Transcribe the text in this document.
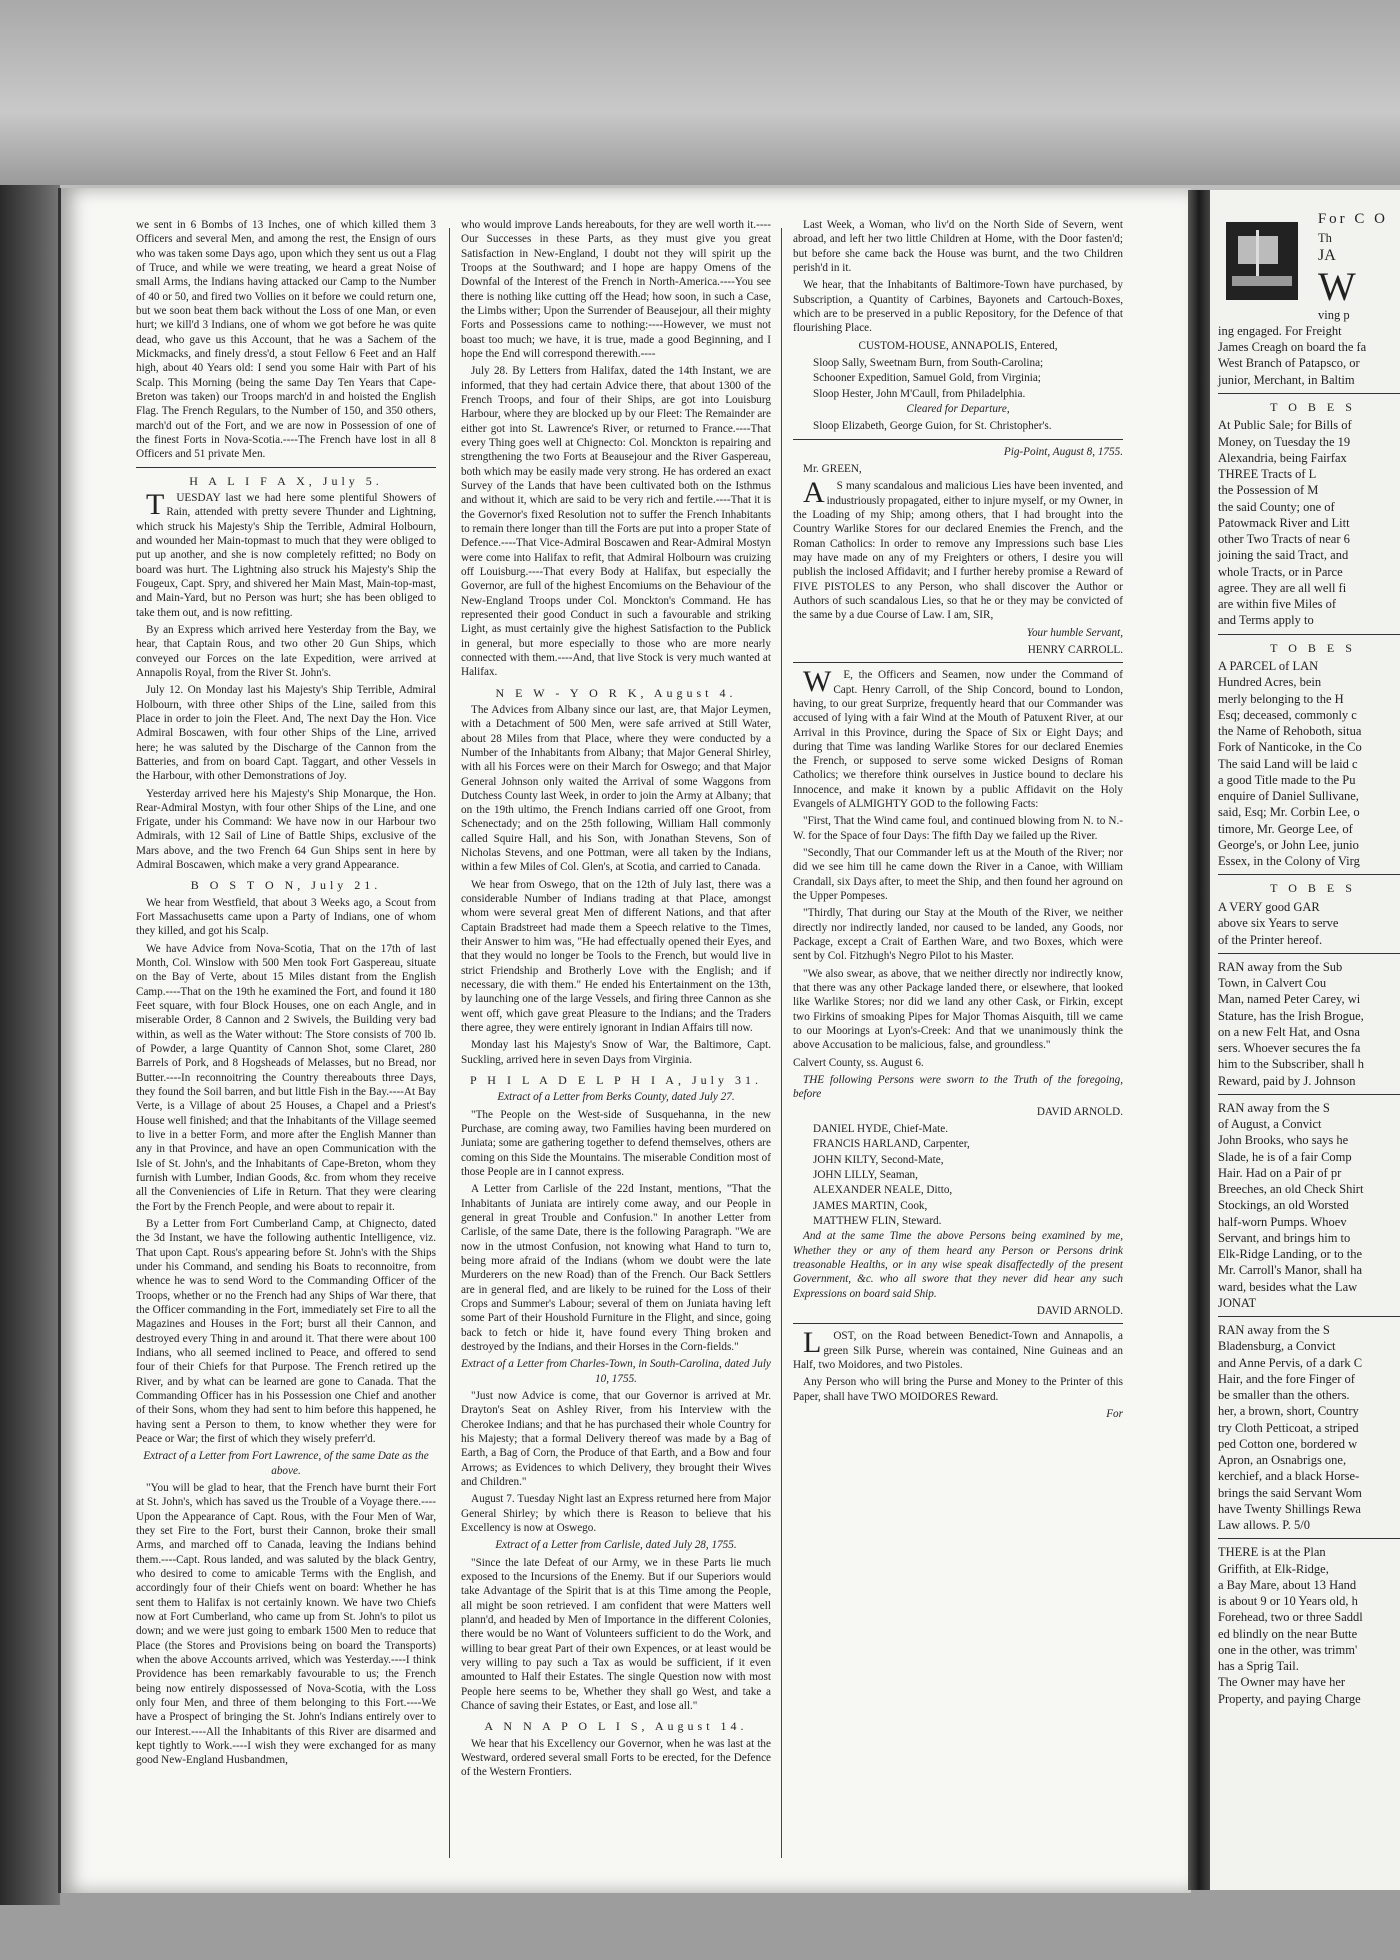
we sent in 6 Bombs of 13 Inches, one of which killed them 3 Officers and several Men, and among the rest, the Ensign of ours who was taken some Days ago, upon which they sent us out a Flag of Truce, and while we were treating, we heard a great Noise of small Arms, the Indians having attacked our Camp to the Number of 40 or 50, and fired two Vollies on it before we could return one, but we soon beat them back without the Loss of one Man, or even hurt; we kill'd 3 Indians, one of whom we got before he was quite dead, who gave us this Account, that he was a Sachem of the Mickmacks, and finely dress'd, a stout Fellow 6 Feet and an Half high, about 40 Years old: I send you some Hair with Part of his Scalp. This Morning (being the same Day Ten Years that Cape-Breton was taken) our Troops march'd in and hoisted the English Flag. The French Regulars, to the Number of 150, and 350 others, march'd out of the Fort, and we are now in Possession of one of the finest Forts in Nova-Scotia.----The French have lost in all 8 Officers and 51 private Men.

H A L I F A X, July 5.

TUESDAY last we had here some plentiful Showers of Rain, attended with pretty severe Thunder and Lightning, which struck his Majesty's Ship the Terrible, Admiral Holbourn, and wounded her Main-topmast to much that they were obliged to put up another, and she is now completely refitted; no Body on board was hurt. The Lightning also struck his Majesty's Ship the Fougeux, Capt. Spry, and shivered her Main Mast, Main-top-mast, and Main-Yard, but no Person was hurt; she has been obliged to take them out, and is now refitting.

By an Express which arrived here Yesterday from the Bay, we hear, that Captain Rous, and two other 20 Gun Ships, which conveyed our Forces on the late Expedition, were arrived at Annapolis Royal, from the River St. John's.

July 12. On Monday last his Majesty's Ship Terrible, Admiral Holbourn, with three other Ships of the Line, sailed from this Place in order to join the Fleet. And, The next Day the Hon. Vice Admiral Boscawen, with four other Ships of the Line, arrived here; he was saluted by the Discharge of the Cannon from the Batteries, and from on board Capt. Taggart, and other Vessels in the Harbour, with other Demonstrations of Joy.

Yesterday arrived here his Majesty's Ship Monarque, the Hon. Rear-Admiral Mostyn, with four other Ships of the Line, and one Frigate, under his Command: We have now in our Harbour two Admirals, with 12 Sail of Line of Battle Ships, exclusive of the Mars above, and the two French 64 Gun Ships sent in here by Admiral Boscawen, which make a very grand Appearance.

B O S T O N, July 21.

We hear from Westfield, that about 3 Weeks ago, a Scout from Fort Massachusetts came upon a Party of Indians, one of whom they killed, and got his Scalp.

We have Advice from Nova-Scotia, That on the 17th of last Month, Col. Winslow with 500 Men took Fort Gaspereau, situate on the Bay of Verte, about 15 Miles distant from the English Camp.----That on the 19th he examined the Fort, and found it 180 Feet square, with four Block Houses, one on each Angle, and in miserable Order, 8 Cannon and 2 Swivels, the Building very bad within, as well as the Water without: The Store consists of 700 lb. of Powder, a large Quantity of Cannon Shot, some Claret, 280 Barrels of Pork, and 8 Hogsheads of Melasses, but no Bread, nor Butter.----In reconnoitring the Country thereabouts three Days, they found the Soil barren, and but little Fish in the Bay.----At Bay Verte, is a Village of about 25 Houses, a Chapel and a Priest's House well finished; and that the Inhabitants of the Village seemed to live in a better Form, and more after the English Manner than any in that Province, and have an open Communication with the Isle of St. John's, and the Inhabitants of Cape-Breton, whom they furnish with Lumber, Indian Goods, &c. from whom they receive all the Conveniencies of Life in Return. That they were clearing the Fort by the French People, and were about to repair it.

By a Letter from Fort Cumberland Camp, at Chignecto, dated the 3d Instant, we have the following authentic Intelligence, viz. That upon Capt. Rous's appearing before St. John's with the Ships under his Command, and sending his Boats to reconnoitre, from whence he was to send Word to the Commanding Officer of the Troops, whether or no the French had any Ships of War there, that the Officer commanding in the Fort, immediately set Fire to all the Magazines and Houses in the Fort; burst all their Cannon, and destroyed every Thing in and around it. That there were about 100 Indians, who all seemed inclined to Peace, and offered to send four of their Chiefs for that Purpose. The French retired up the River, and by what can be learned are gone to Canada. That the Commanding Officer has in his Possession one Chief and another of their Sons, whom they had sent to him before this happened, he having sent a Person to them, to know whether they were for Peace or War; the first of which they wisely preferr'd.

Extract of a Letter from Fort Lawrence, of the same Date as the above.

"You will be glad to hear, that the French have burnt their Fort at St. John's, which has saved us the Trouble of a Voyage there.----Upon the Appearance of Capt. Rous, with the Four Men of War, they set Fire to the Fort, burst their Cannon, broke their small Arms, and marched off to Canada, leaving the Indians behind them.----Capt. Rous landed, and was saluted by the black Gentry, who desired to come to amicable Terms with the English, and accordingly four of their Chiefs went on board: Whether he has sent them to Halifax is not certainly known. We have two Chiefs now at Fort Cumberland, who came up from St. John's to pilot us down; and we were just going to embark 1500 Men to reduce that Place (the Stores and Provisions being on board the Transports) when the above Accounts arrived, which was Yesterday.----I think Providence has been remarkably favourable to us; the French being now entirely dispossessed of Nova-Scotia, with the Loss only four Men, and three of them belonging to this Fort.----We have a Prospect of bringing the St. John's Indians entirely over to our Interest.----All the Inhabitants of this River are disarmed and kept tightly to Work.----I wish they were exchanged for as many good New-England Husbandmen,

who would improve Lands hereabouts, for they are well worth it.----Our Successes in these Parts, as they must give you great Satisfaction in New-England, I doubt not they will spirit up the Troops at the Southward; and I hope are happy Omens of the Downfal of the Interest of the French in North-America.----You see there is nothing like cutting off the Head; how soon, in such a Case, the Limbs wither; Upon the Surrender of Beausejour, all their mighty Forts and Possessions came to nothing:----However, we must not boast too much; we have, it is true, made a good Beginning, and I hope the End will correspond therewith.----

July 28. By Letters from Halifax, dated the 14th Instant, we are informed, that they had certain Advice there, that about 1300 of the French Troops, and four of their Ships, are got into Louisburg Harbour, where they are blocked up by our Fleet: The Remainder are either got into St. Lawrence's River, or returned to France.----That every Thing goes well at Chignecto: Col. Monckton is repairing and strengthening the two Forts at Beausejour and the River Gaspereau, both which may be easily made very strong. He has ordered an exact Survey of the Lands that have been cultivated both on the Isthmus and without it, which are said to be very rich and fertile.----That it is the Governor's fixed Resolution not to suffer the French Inhabitants to remain there longer than till the Forts are put into a proper State of Defence.----That Vice-Admiral Boscawen and Rear-Admiral Mostyn were come into Halifax to refit, that Admiral Holbourn was cruizing off Louisburg.----That every Body at Halifax, but especially the Governor, are full of the highest Encomiums on the Behaviour of the New-England Troops under Col. Monckton's Command. He has represented their good Conduct in such a favourable and striking Light, as must certainly give the highest Satisfaction to the Publick in general, but more especially to those who are more nearly connected with them.----And, that live Stock is very much wanted at Halifax.

N E W - Y O R K, August 4.

The Advices from Albany since our last, are, that Major Leymen, with a Detachment of 500 Men, were safe arrived at Still Water, about 28 Miles from that Place, where they were conducted by a Number of the Inhabitants from Albany; that Major General Shirley, with all his Forces were on their March for Oswego; and that Major General Johnson only waited the Arrival of some Waggons from Dutchess County last Week, in order to join the Army at Albany; that on the 19th ultimo, the French Indians carried off one Groot, from Schenectady; and on the 25th following, William Hall commonly called Squire Hall, and his Son, with Jonathan Stevens, Son of Nicholas Stevens, and one Pottman, were all taken by the Indians, within a few Miles of Col. Glen's, at Scotia, and carried to Canada.

We hear from Oswego, that on the 12th of July last, there was a considerable Number of Indians trading at that Place, amongst whom were several great Men of different Nations, and that after Captain Bradstreet had made them a Speech relative to the Times, their Answer to him was, "He had effectually opened their Eyes, and that they would no longer be Tools to the French, but would live in strict Friendship and Brotherly Love with the English; and if necessary, die with them." He ended his Entertainment on the 13th, by launching one of the large Vessels, and firing three Cannon as she went off, which gave great Pleasure to the Indians; and the Traders there agree, they were entirely ignorant in Indian Affairs till now.

Monday last his Majesty's Snow of War, the Baltimore, Capt. Suckling, arrived here in seven Days from Virginia.

P H I L A D E L P H I A, July 31.

Extract of a Letter from Berks County, dated July 27.

"The People on the West-side of Susquehanna, in the new Purchase, are coming away, two Families having been murdered on Juniata; some are gathering together to defend themselves, others are coming on this Side the Mountains. The miserable Condition most of those People are in I cannot express.

A Letter from Carlisle of the 22d Instant, mentions, "That the Inhabitants of Juniata are intirely come away, and our People in general in great Trouble and Confusion." In another Letter from Carlisle, of the same Date, there is the following Paragraph. "We are now in the utmost Confusion, not knowing what Hand to turn to, being more afraid of the Indians (whom we doubt were the late Murderers on the new Road) than of the French. Our Back Settlers are in general fled, and are likely to be ruined for the Loss of their Crops and Summer's Labour; several of them on Juniata having left some Part of their Houshold Furniture in the Flight, and since, going back to fetch or hide it, have found every Thing broken and destroyed by the Indians, and their Horses in the Corn-fields."

Extract of a Letter from Charles-Town, in South-Carolina, dated July 10, 1755.

"Just now Advice is come, that our Governor is arrived at Mr. Drayton's Seat on Ashley River, from his Interview with the Cherokee Indians; and that he has purchased their whole Country for his Majesty; that a formal Delivery thereof was made by a Bag of Earth, a Bag of Corn, the Produce of that Earth, and a Bow and four Arrows; as Evidences to which Delivery, they brought their Wives and Children."

August 7. Tuesday Night last an Express returned here from Major General Shirley; by which there is Reason to believe that his Excellency is now at Oswego.

Extract of a Letter from Carlisle, dated July 28, 1755.

"Since the late Defeat of our Army, we in these Parts lie much exposed to the Incursions of the Enemy. But if our Superiors would take Advantage of the Spirit that is at this Time among the People, all might be soon retrieved. I am confident that were Matters well plann'd, and headed by Men of Importance in the different Colonies, there would be no Want of Volunteers sufficient to do the Work, and willing to bear great Part of their own Expences, or at least would be very willing to pay such a Tax as would be sufficient, if it even amounted to Half their Estates. The single Question now with most People here seems to be, Whether they shall go West, and take a Chance of saving their Estates, or East, and lose all."

A N N A P O L I S, August 14.

We hear that his Excellency our Governor, when he was last at the Westward, ordered several small Forts to be erected, for the Defence of the Western Frontiers.

Last Week, a Woman, who liv'd on the North Side of Severn, went abroad, and left her two little Children at Home, with the Door fasten'd; but before she came back the House was burnt, and the two Children perish'd in it.

We hear, that the Inhabitants of Baltimore-Town have purchased, by Subscription, a Quantity of Carbines, Bayonets and Cartouch-Boxes, which are to be preserved in a public Repository, for the Defence of that flourishing Place.

CUSTOM-HOUSE, ANNAPOLIS, Entered,

Sloop Sally, Sweetnam Burn, from South-Carolina;

Schooner Expedition, Samuel Gold, from Virginia;

Sloop Hester, John M'Caull, from Philadelphia.

Cleared for Departure,

Sloop Elizabeth, George Guion, for St. Christopher's.

Pig-Point, August 8, 1755.

Mr. GREEN,

AS many scandalous and malicious Lies have been invented, and industriously propagated, either to injure myself, or my Owner, in the Loading of my Ship; among others, that I had brought into the Country Warlike Stores for our declared Enemies the French, and the Roman Catholics: In order to remove any Impressions such base Lies may have made on any of my Freighters or others, I desire you will publish the inclosed Affidavit; and I further hereby promise a Reward of FIVE PISTOLES to any Person, who shall discover the Author or Authors of such scandalous Lies, so that he or they may be convicted of the same by a due Course of Law. I am, SIR,

Your humble Servant,

HENRY CARROLL.

WE, the Officers and Seamen, now under the Command of Capt. Henry Carroll, of the Ship Concord, bound to London, having, to our great Surprize, frequently heard that our Commander was accused of lying with a fair Wind at the Mouth of Patuxent River, at our Arrival in this Province, during the Space of Six or Eight Days; and during that Time was landing Warlike Stores for our declared Enemies the French, or supposed to serve some wicked Designs of Roman Catholics; we therefore think ourselves in Justice bound to declare his Innocence, and make it known by a public Affidavit on the Holy Evangels of ALMIGHTY GOD to the following Facts:

"First, That the Wind came foul, and continued blowing from N. to N.-W. for the Space of four Days: The fifth Day we failed up the River.

"Secondly, That our Commander left us at the Mouth of the River; nor did we see him till he came down the River in a Canoe, with William Crandall, six Days after, to meet the Ship, and then found her aground on the Upper Pompeses.

"Thirdly, That during our Stay at the Mouth of the River, we neither directly nor indirectly landed, nor caused to be landed, any Goods, nor Package, except a Crait of Earthen Ware, and two Boxes, which were sent by Col. Fitzhugh's Negro Pilot to his Master.

"We also swear, as above, that we neither directly nor indirectly know, that there was any other Package landed there, or elsewhere, that looked like Warlike Stores; nor did we land any other Cask, or Firkin, except two Firkins of smoaking Pipes for Major Thomas Aisquith, till we came to our Moorings at Lyon's-Creek: And that we unanimously think the above Accusation to be malicious, false, and groundless."

Calvert County, ss. August 6.

THE following Persons were sworn to the Truth of the foregoing, before

DAVID ARNOLD.

DANIEL HYDE, Chief-Mate.

FRANCIS HARLAND, Carpenter,

JOHN KILTY, Second-Mate,

JOHN LILLY, Seaman,

ALEXANDER NEALE, Ditto,

JAMES MARTIN, Cook,

MATTHEW FLIN, Steward.

And at the same Time the above Persons being examined by me, Whether they or any of them heard any Person or Persons drink treasonable Healths, or in any wise speak disaffectedly of the present Government, &c. who all swore that they never did hear any such Expressions on board said Ship.

DAVID ARNOLD.

LOST, on the Road between Benedict-Town and Annapolis, a green Silk Purse, wherein was contained, Nine Guineas and an Half, two Moidores, and two Pistoles.

Any Person who will bring the Purse and Money to the Printer of this Paper, shall have TWO MOIDORES Reward.

For

For C O
Th
JA
W
ving p
ing engaged. For Freight
James Creagh on board the fa
West Branch of Patapsco, or
junior, Merchant, in Baltim
T O B E S
At Public Sale; for Bills of
Money, on Tuesday the 19
Alexandria, being Fairfax
THREE Tracts of L
the Possession of M
the said County; one of
Patowmack River and Litt
other Two Tracts of near 6
joining the said Tract, and
whole Tracts, or in Parce
agree. They are all well fi
are within five Miles of
and Terms apply to
T O B E S
A PARCEL of LAN
Hundred Acres, bein
merly belonging to the H
Esq; deceased, commonly c
the Name of Rehoboth, situa
Fork of Nanticoke, in the Co
The said Land will be laid c
a good Title made to the Pu
enquire of Daniel Sullivane,
said, Esq; Mr. Corbin Lee, o
timore, Mr. George Lee, of
George's, or John Lee, junio
Essex, in the Colony of Virg
T O B E S
A VERY good GAR
above six Years to serve
of the Printer hereof.
RAN away from the Sub
Town, in Calvert Cou
Man, named Peter Carey, wi
Stature, has the Irish Brogue,
on a new Felt Hat, and Osna
sers. Whoever secures the fa
him to the Subscriber, shall h
Reward, paid by J. Johnson
RAN away from the S
of August, a Convict
John Brooks, who says he
Slade, he is of a fair Comp
Hair. Had on a Pair of pr
Breeches, an old Check Shirt
Stockings, an old Worsted
half-worn Pumps. Whoev
Servant, and brings him to
Elk-Ridge Landing, or to the
Mr. Carroll's Manor, shall ha
ward, besides what the Law
JONAT
RAN away from the S
Bladensburg, a Convict
and Anne Pervis, of a dark C
Hair, and the fore Finger of
be smaller than the others.
her, a brown, short, Country
try Cloth Petticoat, a striped
ped Cotton one, bordered w
Apron, an Osnabrigs one,
kerchief, and a black Horse-
brings the said Servant Wom
have Twenty Shillings Rewa
Law allows. P. 5/0
THERE is at the Plan
Griffith, at Elk-Ridge,
a Bay Mare, about 13 Hand
is about 9 or 10 Years old, h
Forehead, two or three Saddl
ed blindly on the near Butte
one in the other, was trimm'
has a Sprig Tail.
The Owner may have her
Property, and paying Charge
